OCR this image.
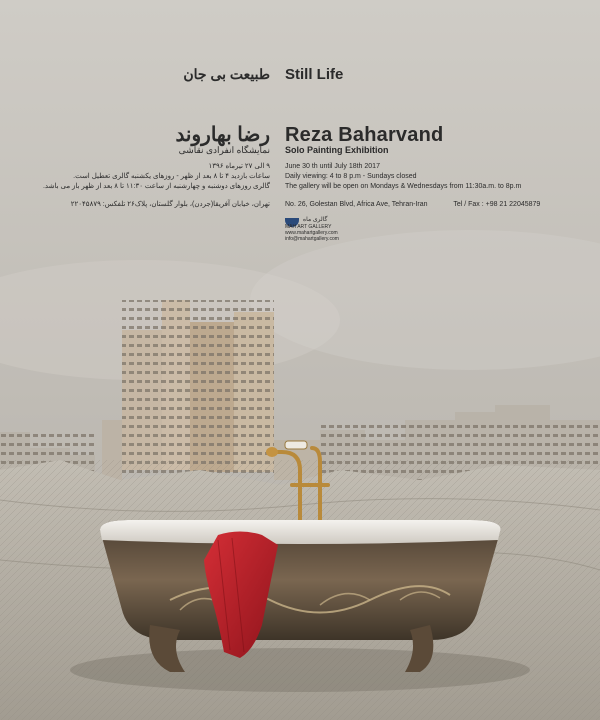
طبیعت بی جان Still Life
رضا بهاروند Reza Baharvand
نمایشگاه انفرادی نقاشی Solo Painting Exhibition
۹ الی ۲۷ تیرماه ۱۳۹۶
ساعات بازدید ۴ تا ۸ بعد از ظهر - روزهای یکشنبه گالری تعطیل است.
گالری روزهای دوشنبه و چهارشنبه از ساعت ۱۱:۳۰ تا ۸ بعد از ظهر باز می باشد.
تهران، خیابان آفریقا(جردن)، بلوار گلستان، پلاک۲۶ تلفکس: ۲۲۰۴۵۸۷۹
June 30 th until July 18th 2017
Daily viewing: 4 to 8 p.m - Sundays closed
The gallery will be open on Mondays & Wednesdays from 11:30a.m. to 8p.m
No. 26, Golestan Blvd, Africa Ave, Tehran-Iran	Tel / Fax : +98 21 22045879
گالری ماه
MAH ART GALLERY
www.mahartgallery.com
info@mahartgallery.com
